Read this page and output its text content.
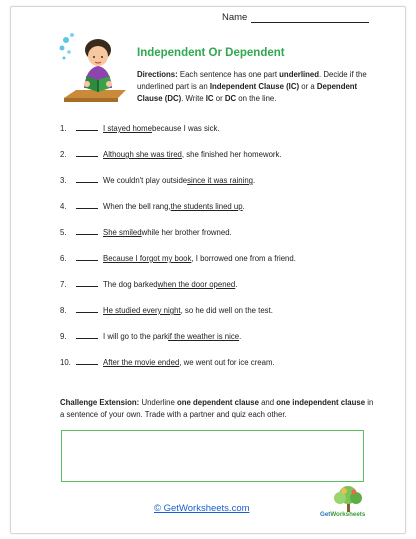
Name
Independent Or Dependent
Directions: Each sentence has one part underlined. Decide if the underlined part is an Independent Clause (IC) or a Dependent Clause (DC). Write IC or DC on the line.
1.	I stayed home because I was sick.
2.	Although she was tired , she finished her homework.
3.	We couldn't play outside since it was raining .
4.	When the bell rang, the students lined up .
5.	She smiled while her brother frowned.
6.	Because I forgot my book , I borrowed one from a friend.
7.	The dog barked when the door opened .
8.	He studied every night , so he did well on the test.
9.	I will go to the park if the weather is nice .
10.	After the movie ended , we went out for ice cream.
Challenge Extension: Underline one dependent clause and one independent clause in a sentence of your own. Trade with a partner and quiz each other.
© GetWorksheets.com
GetWorksheets
